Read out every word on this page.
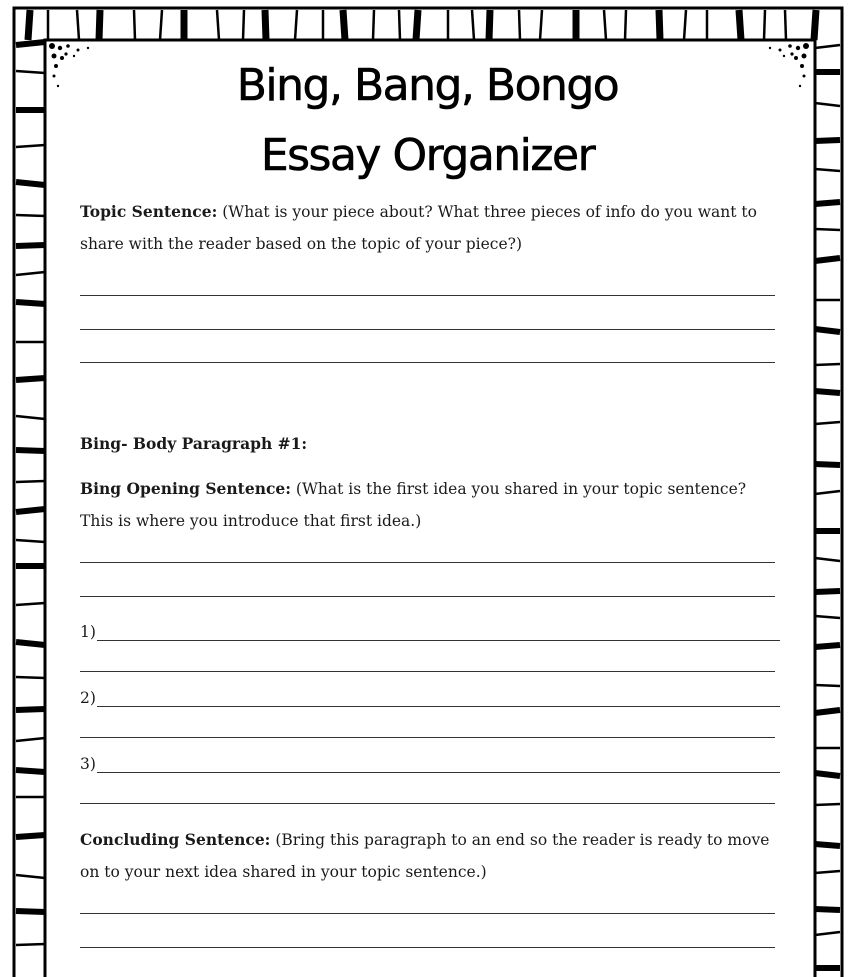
Bing, Bang, Bongo
Essay Organizer

Topic Sentence: (What is your piece about? What three pieces of info do you want to share with the reader based on the topic of your piece?)

Bing- Body Paragraph #1:

Bing Opening Sentence: (What is the first idea you shared in your topic sentence? This is where you introduce that first idea.)

1)
2)
3)

Concluding Sentence: (Bring this paragraph to an end so the reader is ready to move on to your next idea shared in your topic sentence.)
